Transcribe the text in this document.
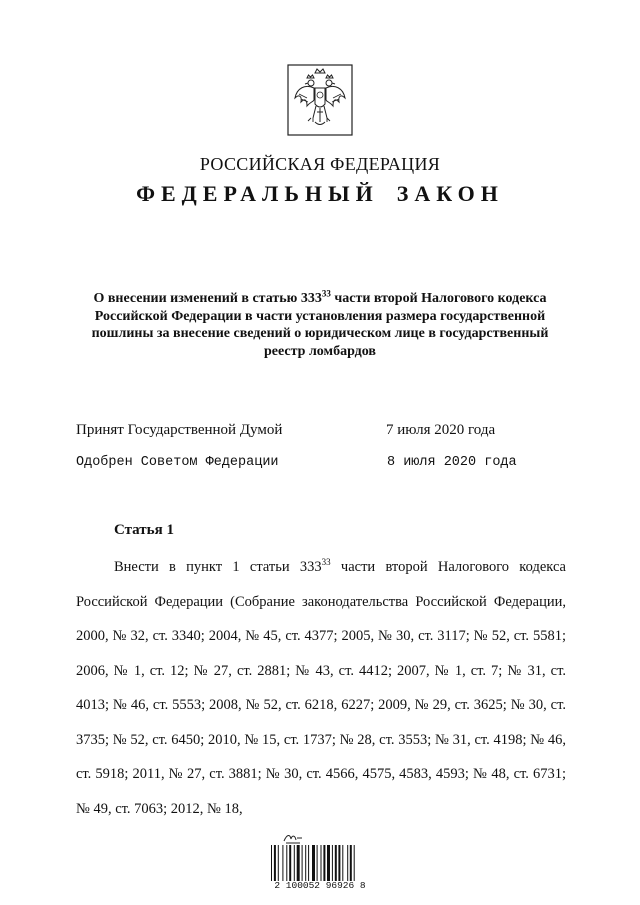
РОССИЙСКАЯ ФЕДЕРАЦИЯ
ФЕДЕРАЛЬНЫЙ ЗАКОН
О внесении изменений в статью $333^{33}$ части второй Налогового кодекса Российской Федерации в части установления размера государственной пошлины за внесение сведений о юридическом лице в государственный реестр ломбардов
Принят Государственной Думой	7 июля 2020 года
Одобрен Советом Федерации	8 июля 2020 года
Статья 1
Внести в пункт 1 статьи $333^{33}$ части второй Налогового кодекса Российской Федерации (Собрание законодательства Российской Федерации, 2000, № 32, ст. 3340; 2004, № 45, ст. 4377; 2005, № 30, ст. 3117; № 52, ст. 5581; 2006, № 1, ст. 12; № 27, ст. 2881; № 43, ст. 4412; 2007, № 1, ст. 7; № 31, ст. 4013; № 46, ст. 5553; 2008, № 52, ст. 6218, 6227; 2009, № 29, ст. 3625; № 30, ст. 3735; № 52, ст. 6450; 2010, № 15, ст. 1737; № 28, ст. 3553; № 31, ст. 4198; № 46, ст. 5918; 2011, № 27, ст. 3881; № 30, ст. 4566, 4575, 4583, 4593; № 48, ст. 6731; № 49, ст. 7063; 2012, № 18,
2 100052 96926 8
